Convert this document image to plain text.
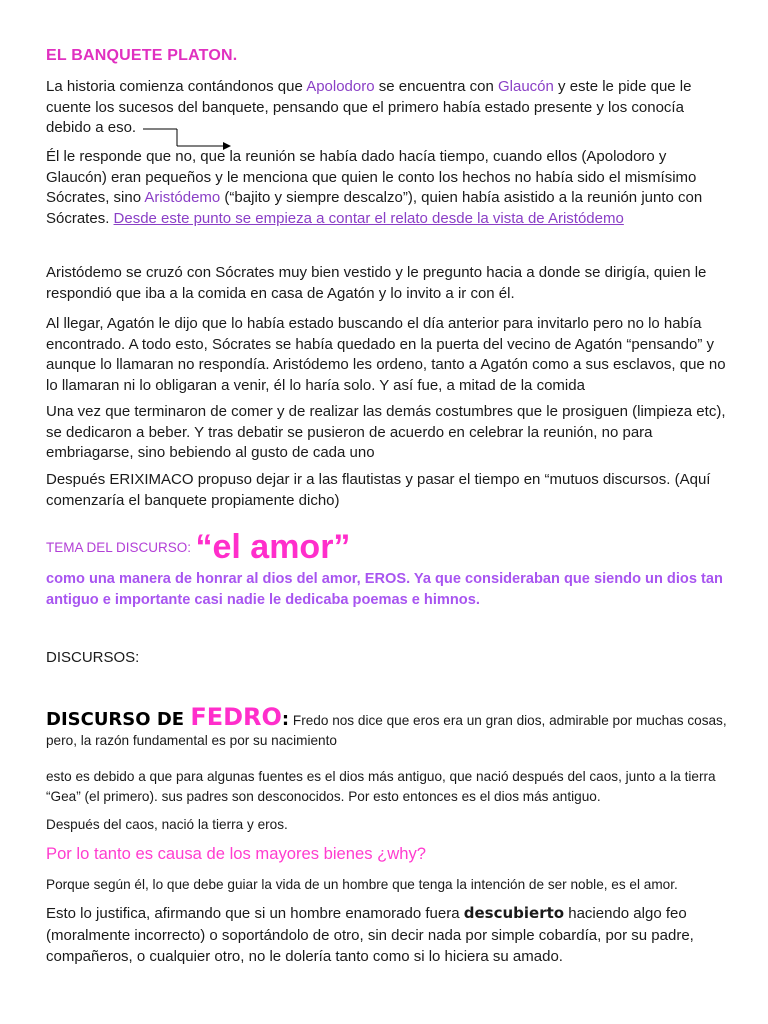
EL BANQUETE PLATON.

La historia comienza contándonos que Apolodoro se encuentra con Glaucón y este le pide que le cuente los sucesos del banquete, pensando que el primero había estado presente y los conocía debido a eso.

Él le responde que no, que la reunión se había dado hacía tiempo, cuando ellos (Apolodoro y Glaucón) eran pequeños y le menciona que quien le conto los hechos no había sido el mismísimo Sócrates, sino Aristódemo (“bajito y siempre descalzo”), quien había asistido a la reunión junto con Sócrates. Desde este punto se empieza a contar el relato desde la vista de Aristódemo

Aristódemo se cruzó con Sócrates muy bien vestido y le pregunto hacia a donde se dirigía, quien le respondió que iba a la comida en casa de Agatón y lo invito a ir con él.

Al llegar, Agatón le dijo que lo había estado buscando el día anterior para invitarlo pero no lo había encontrado. A todo esto, Sócrates se había quedado en la puerta del vecino de Agatón “pensando” y aunque lo llamaran no respondía. Aristódemo les ordeno, tanto a Agatón como a sus esclavos, que no lo llamaran ni lo obligaran a venir, él lo haría solo. Y así fue, a mitad de la comida

Una vez que terminaron de comer y de realizar las demás costumbres que le prosiguen (limpieza etc), se dedicaron a beber. Y tras debatir se pusieron de acuerdo en celebrar la reunión, no para embriagarse, sino bebiendo al gusto de cada uno

Después ERIXIMACO propuso dejar ir a las flautistas y pasar el tiempo en “mutuos discursos. (Aquí comenzaría el banquete propiamente dicho)

$^{TEMA DEL DISCURSO:}$ “el amor”
como una manera de honrar al dios del amor, EROS. Ya que consideraban que siendo un dios tan antiguo e importante casi nadie le dedicaba poemas e himnos.
DISCURSOS:
DISCURSO DE FEDRO: Fredo nos dice que eros era un gran dios, admirable por muchas cosas, pero, la razón fundamental es por su nacimiento

esto es debido a que para algunas fuentes es el dios más antiguo, que nació después del caos, junto a la tierra “Gea” (el primero). sus padres son desconocidos. Por esto entonces es el dios más antiguo.

Después del caos, nació la tierra y eros.

Por lo tanto es causa de los mayores bienes ¿why?

Porque según él, lo que debe guiar la vida de un hombre que tenga la intención de ser noble, es el amor.

Esto lo justifica, afirmando que si un hombre enamorado fuera descubierto haciendo algo feo (moralmente incorrecto) o soportándolo de otro, sin decir nada por simple cobardía, por su padre, compañeros, o cualquier otro, no le dolería tanto como si lo hiciera su amado.
